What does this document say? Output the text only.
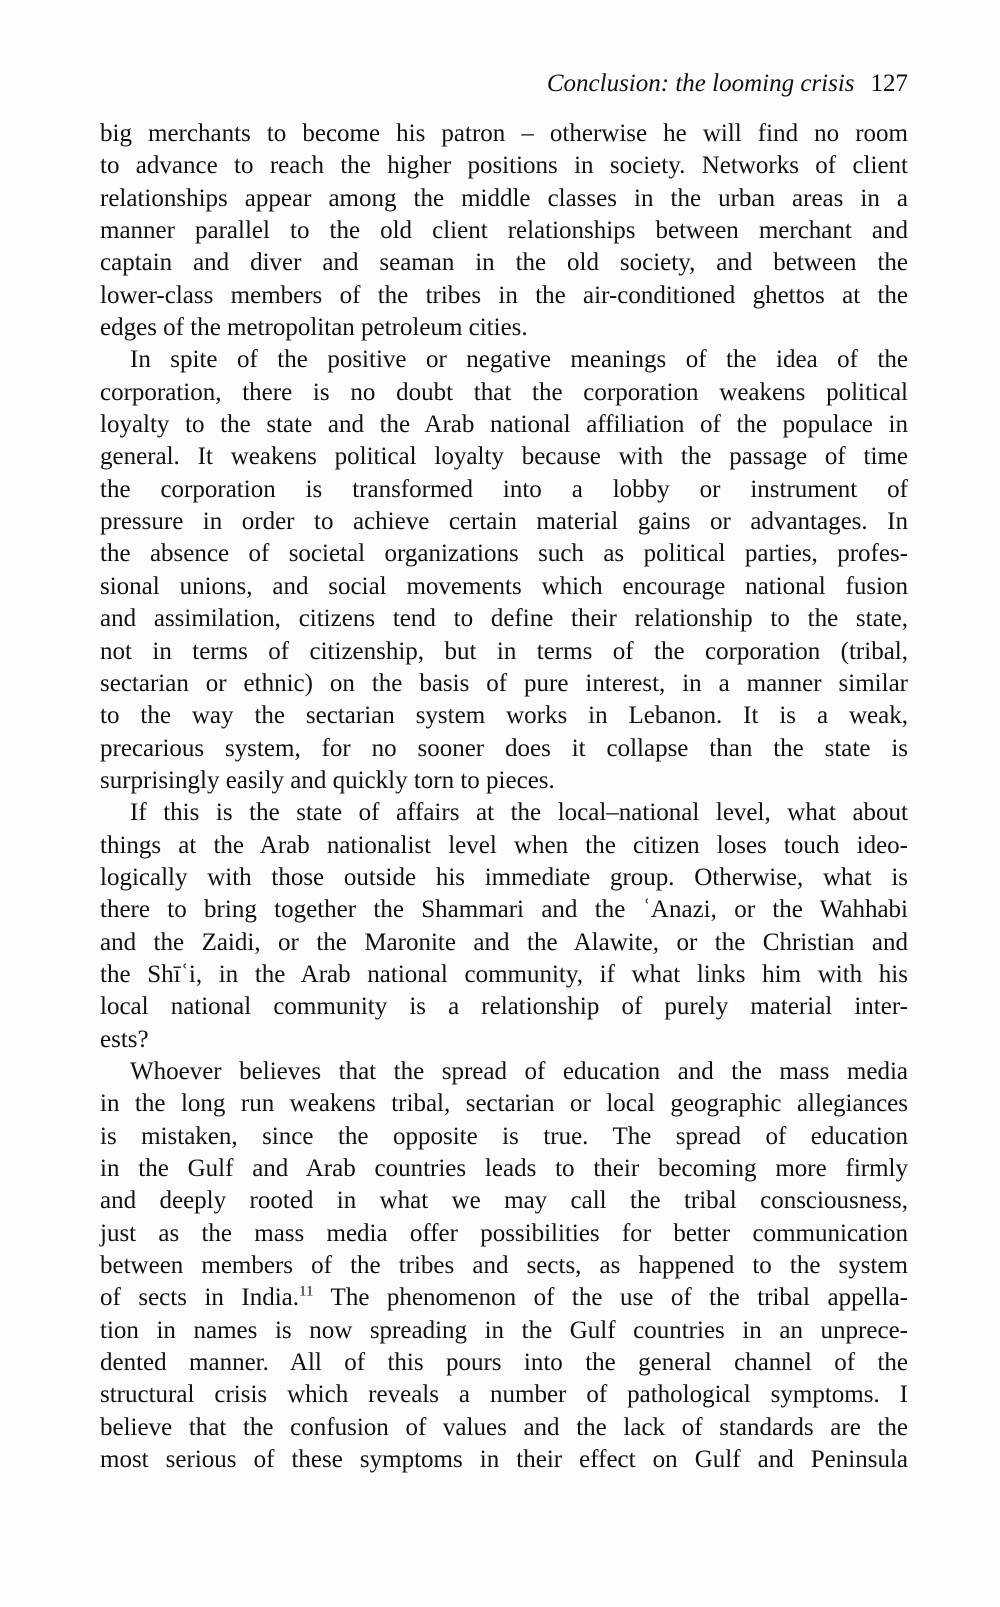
Conclusion: the looming crisis 127
big merchants to become his patron – otherwise he will find no room
to advance to reach the higher positions in society. Networks of client
relationships appear among the middle classes in the urban areas in a
manner parallel to the old client relationships between merchant and
captain and diver and seaman in the old society, and between the
lower-class members of the tribes in the air-conditioned ghettos at the
edges of the metropolitan petroleum cities.
In spite of the positive or negative meanings of the idea of the
corporation, there is no doubt that the corporation weakens political
loyalty to the state and the Arab national affiliation of the populace in
general. It weakens political loyalty because with the passage of time
the corporation is transformed into a lobby or instrument of
pressure in order to achieve certain material gains or advantages. In
the absence of societal organizations such as political parties, profes-
sional unions, and social movements which encourage national fusion
and assimilation, citizens tend to define their relationship to the state,
not in terms of citizenship, but in terms of the corporation (tribal,
sectarian or ethnic) on the basis of pure interest, in a manner similar
to the way the sectarian system works in Lebanon. It is a weak,
precarious system, for no sooner does it collapse than the state is
surprisingly easily and quickly torn to pieces.
If this is the state of affairs at the local–national level, what about
things at the Arab nationalist level when the citizen loses touch ideo-
logically with those outside his immediate group. Otherwise, what is
there to bring together the Shammari and the ʿAnazi, or the Wahhabi
and the Zaidi, or the Maronite and the Alawite, or the Christian and
the Shīʿi, in the Arab national community, if what links him with his
local national community is a relationship of purely material inter-
ests?
Whoever believes that the spread of education and the mass media
in the long run weakens tribal, sectarian or local geographic allegiances
is mistaken, since the opposite is true. The spread of education
in the Gulf and Arab countries leads to their becoming more firmly
and deeply rooted in what we may call the tribal consciousness,
just as the mass media offer possibilities for better communication
between members of the tribes and sects, as happened to the system
of sects in India.$^{11}$ The phenomenon of the use of the tribal appella-
tion in names is now spreading in the Gulf countries in an unprece-
dented manner. All of this pours into the general channel of the
structural crisis which reveals a number of pathological symptoms. I
believe that the confusion of values and the lack of standards are the
most serious of these symptoms in their effect on Gulf and Peninsula
